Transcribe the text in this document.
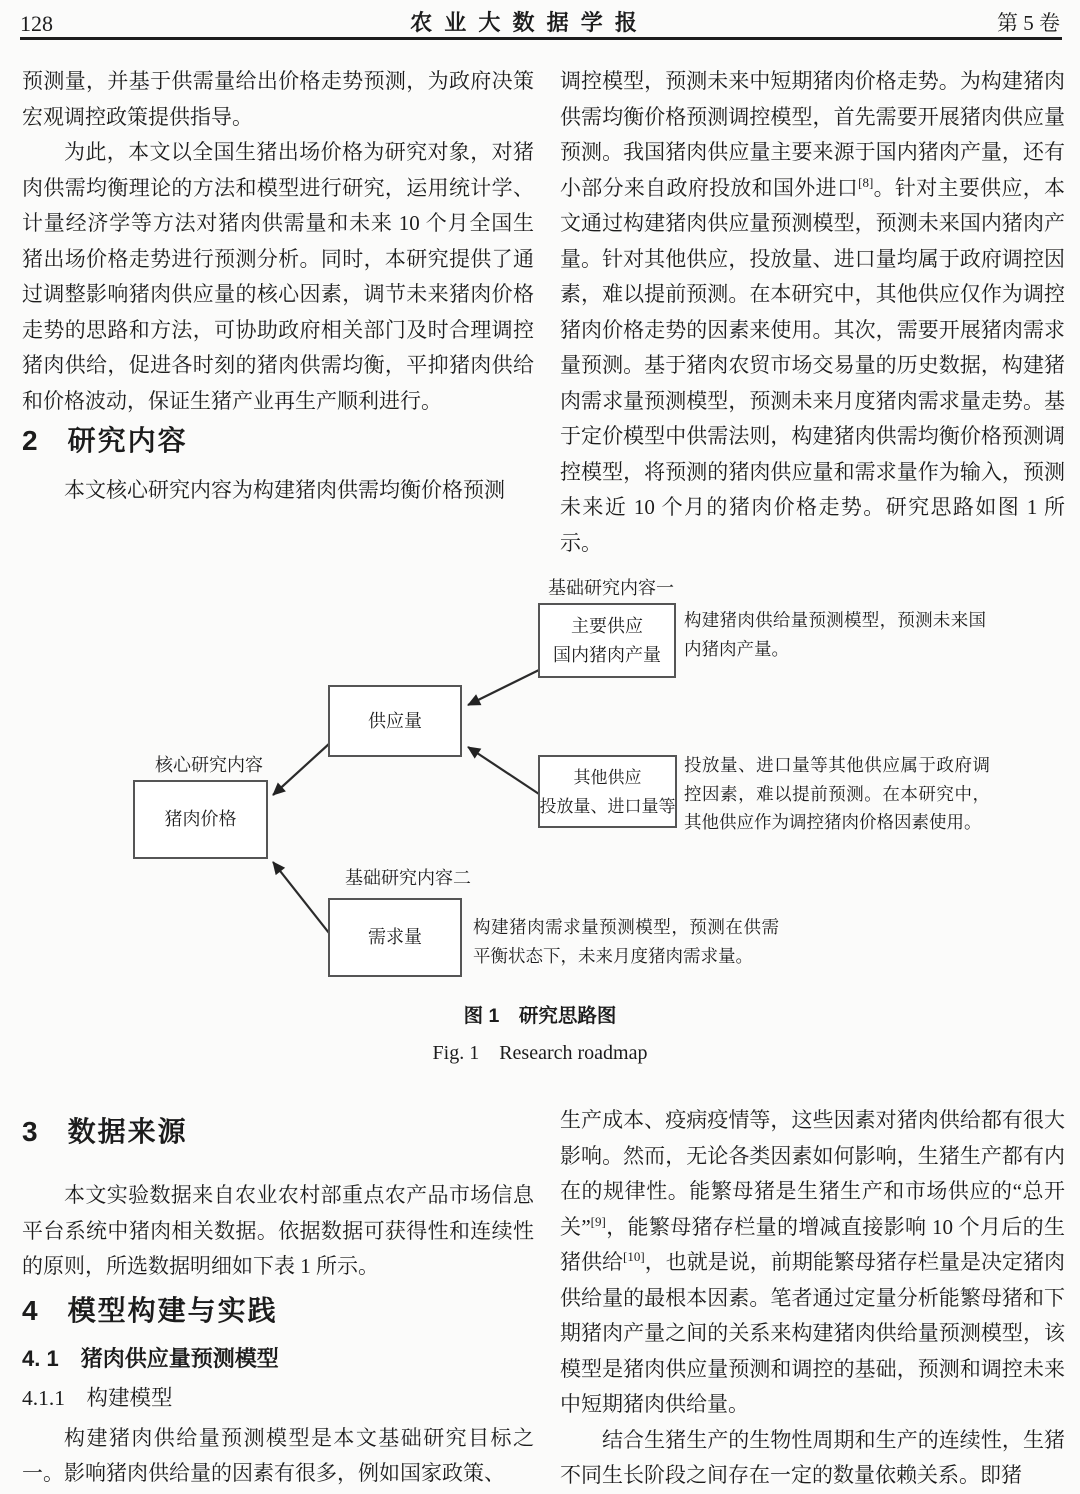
128	农 业 大 数 据 学 报	第 5 卷

预测量，并基于供需量给出价格走势预测，为政府决策宏观调控政策提供指导。

为此，本文以全国生猪出场价格为研究对象，对猪肉供需均衡理论的方法和模型进行研究，运用统计学、计量经济学等方法对猪肉供需量和未来 10 个月全国生猪出场价格走势进行预测分析。同时，本研究提供了通过调整影响猪肉供应量的核心因素，调节未来猪肉价格走势的思路和方法，可协助政府相关部门及时合理调控猪肉供给，促进各时刻的猪肉供需均衡，平抑猪肉供给和价格波动，保证生猪产业再生产顺利进行。

2 研究内容

本文核心研究内容为构建猪肉供需均衡价格预测

调控模型，预测未来中短期猪肉价格走势。为构建猪肉供需均衡价格预测调控模型，首先需要开展猪肉供应量预测。我国猪肉供应量主要来源于国内猪肉产量，还有小部分来自政府投放和国外进口[8]。针对主要供应，本文通过构建猪肉供应量预测模型，预测未来国内猪肉产量。针对其他供应，投放量、进口量均属于政府调控因素，难以提前预测。在本研究中，其他供应仅作为调控猪肉价格走势的因素来使用。其次，需要开展猪肉需求量预测。基于猪肉农贸市场交易量的历史数据，构建猪肉需求量预测模型，预测未来月度猪肉需求量走势。基于定价模型中供需法则，构建猪肉供需均衡价格预测调控模型，将预测的猪肉供应量和需求量作为输入，预测未来近 10 个月的猪肉价格走势。研究思路如图 1 所示。

基础研究内容一
主要供应
国内猪肉产量
构建猪肉供给量预测模型，预测未来国内猪肉产量。
供应量
核心研究内容
猪肉价格
其他供应
投放量、进口量等
投放量、进口量等其他供应属于政府调控因素，难以提前预测。在本研究中，其他供应作为调控猪肉价格因素使用。
基础研究内容二
需求量	构建猪肉需求量预测模型，预测在供需平衡状态下，未来月度猪肉需求量。
图 1　研究思路图
Fig. 1　Research roadmap
3 数据来源

本文实验数据来自农业农村部重点农产品市场信息平台系统中猪肉相关数据。依据数据可获得性和连续性的原则，所选数据明细如下表 1 所示。

4 模型构建与实践
4. 1　猪肉供应量预测模型
4.1.1　构建模型

构建猪肉供给量预测模型是本文基础研究目标之一。影响猪肉供给量的因素有很多，例如国家政策、

生产成本、疫病疫情等，这些因素对猪肉供给都有很大影响。然而，无论各类因素如何影响，生猪生产都有内在的规律性。能繁母猪是生猪生产和市场供应的“总开关”[9]，能繁母猪存栏量的增减直接影响 10 个月后的生猪供给[10]，也就是说，前期能繁母猪存栏量是决定猪肉供给量的最根本因素。笔者通过定量分析能繁母猪和下期猪肉产量之间的关系来构建猪肉供给量预测模型，该模型是猪肉供应量预测和调控的基础，预测和调控未来中短期猪肉供给量。

结合生猪生产的生物性周期和生产的连续性，生猪不同生长阶段之间存在一定的数量依赖关系。即猪
